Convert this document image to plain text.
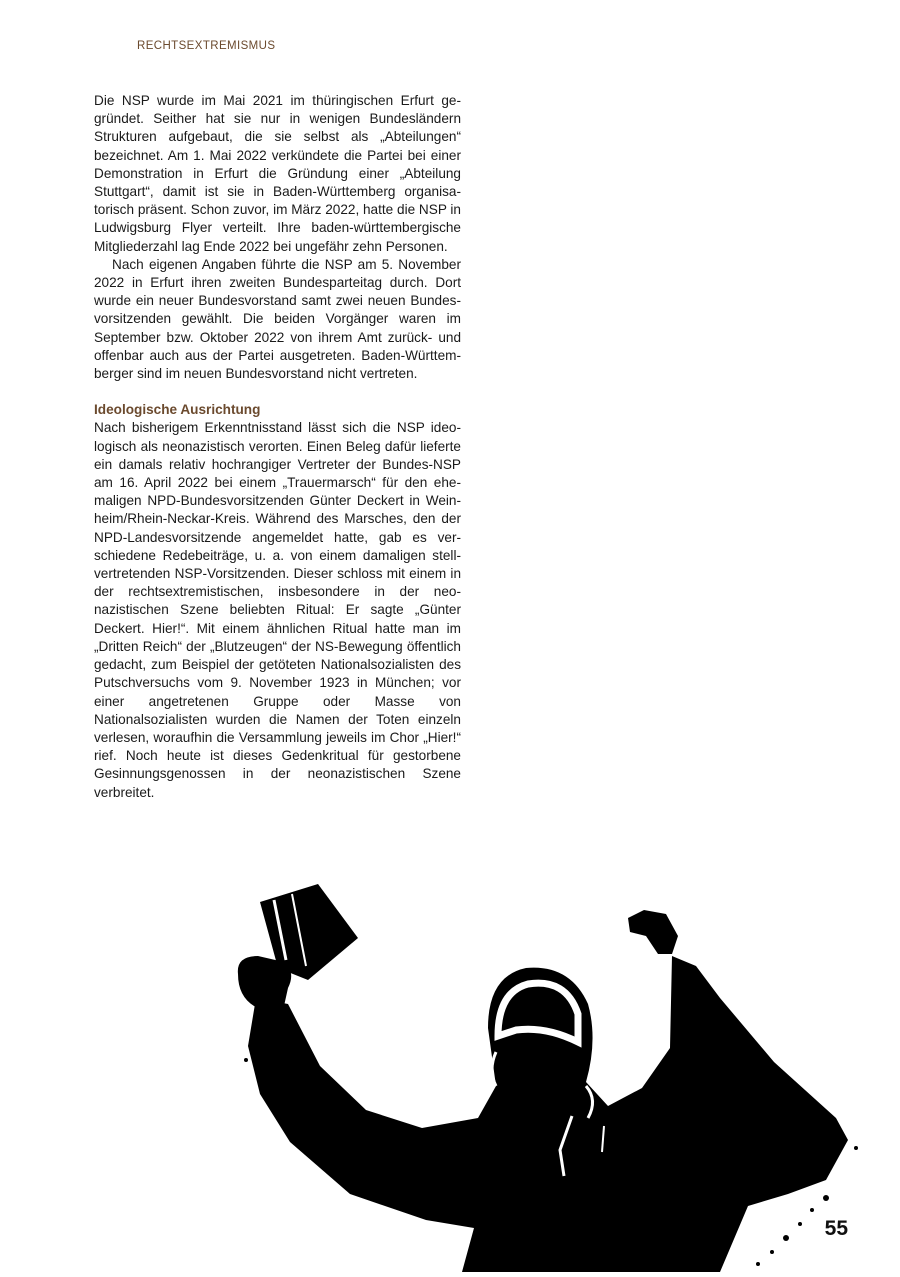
RECHTSEXTREMISMUS

Die NSP wurde im Mai 2021 im thüringischen Erfurt gegründet. Seither hat sie nur in wenigen Bundesländern Strukturen aufgebaut, die sie selbst als „Abteilungen“ bezeichnet. Am 1. Mai 2022 verkündete die Partei bei einer Demonstration in Erfurt die Gründung einer „Abteilung Stuttgart“, damit ist sie in Baden-Württemberg organisatorisch präsent. Schon zuvor, im März 2022, hatte die NSP in Ludwigsburg Flyer verteilt. Ihre baden-württembergische Mitgliederzahl lag Ende 2022 bei ungefähr zehn Personen.

Nach eigenen Angaben führte die NSP am 5. November 2022 in Erfurt ihren zweiten Bundesparteitag durch. Dort wurde ein neuer Bundesvorstand samt zwei neuen Bundesvorsitzenden gewählt. Die beiden Vorgänger waren im September bzw. Oktober 2022 von ihrem Amt zurück- und offenbar auch aus der Partei ausgetreten. Baden-Württemberger sind im neuen Bundesvorstand nicht vertreten.

Ideologische Ausrichtung

Nach bisherigem Erkenntnisstand lässt sich die NSP ideologisch als neonazistisch verorten. Einen Beleg dafür lieferte ein damals relativ hochrangiger Vertreter der Bundes-NSP am 16. April 2022 bei einem „Trauermarsch“ für den ehemaligen NPD-Bundesvorsitzenden Günter Deckert in Weinheim/Rhein-Neckar-Kreis. Während des Marsches, den der NPD-Landesvorsitzende angemeldet hatte, gab es verschiedene Redebeiträge, u. a. von einem damaligen stellvertretenden NSP-Vorsitzenden. Dieser schloss mit einem in der rechtsextremistischen, insbesondere in der neonazistischen Szene beliebten Ritual: Er sagte „Günter Deckert. Hier!“. Mit einem ähnlichen Ritual hatte man im „Dritten Reich“ der „Blutzeugen“ der NS-Bewegung öffentlich gedacht, zum Beispiel der getöteten Nationalsozialisten des Putschversuchs vom 9. November 1923 in München; vor einer angetretenen Gruppe oder Masse von Nationalsozialisten wurden die Namen der Toten einzeln verlesen, woraufhin die Versammlung jeweils im Chor „Hier!“ rief. Noch heute ist dieses Gedenkritual für gestorbene Gesinnungsgenossen in der neonazistischen Szene verbreitet.

55
